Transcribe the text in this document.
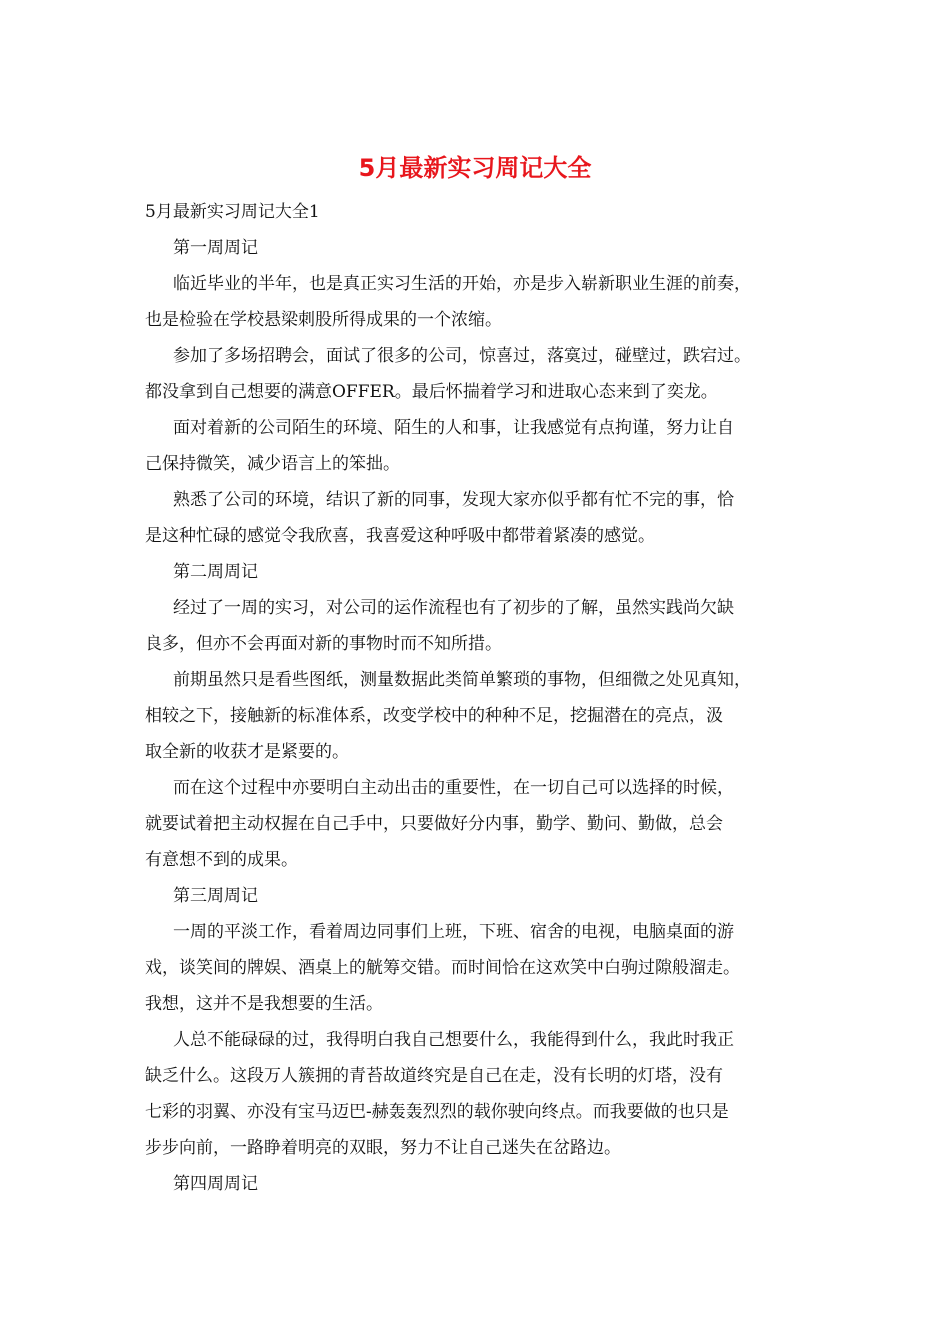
5月最新实习周记大全
5月最新实习周记大全1
第一周周记
临近毕业的半年，也是真正实习生活的开始，亦是步入崭新职业生涯的前奏，
也是检验在学校悬梁刺股所得成果的一个浓缩。
参加了多场招聘会，面试了很多的公司，惊喜过，落寞过，碰壁过，跌宕过。
都没拿到自己想要的满意OFFER。最后怀揣着学习和进取心态来到了奕龙。
面对着新的公司陌生的环境、陌生的人和事，让我感觉有点拘谨，努力让自
己保持微笑，减少语言上的笨拙。
熟悉了公司的环境，结识了新的同事，发现大家亦似乎都有忙不完的事，恰
是这种忙碌的感觉令我欣喜，我喜爱这种呼吸中都带着紧凑的感觉。
第二周周记
经过了一周的实习，对公司的运作流程也有了初步的了解，虽然实践尚欠缺
良多，但亦不会再面对新的事物时而不知所措。
前期虽然只是看些图纸，测量数据此类简单繁琐的事物，但细微之处见真知，
相较之下，接触新的标准体系，改变学校中的种种不足，挖掘潜在的亮点，汲
取全新的收获才是紧要的。
而在这个过程中亦要明白主动出击的重要性，在一切自己可以选择的时候，
就要试着把主动权握在自己手中，只要做好分内事，勤学、勤问、勤做，总会
有意想不到的成果。
第三周周记
一周的平淡工作，看着周边同事们上班，下班、宿舍的电视，电脑桌面的游
戏，谈笑间的牌娱、酒桌上的觥筹交错。而时间恰在这欢笑中白驹过隙般溜走。
我想，这并不是我想要的生活。
人总不能碌碌的过，我得明白我自己想要什么，我能得到什么，我此时我正
缺乏什么。这段万人簇拥的青苔故道终究是自己在走，没有长明的灯塔，没有
七彩的羽翼、亦没有宝马迈巴-赫轰轰烈烈的载你驶向终点。而我要做的也只是
步步向前，一路睁着明亮的双眼，努力不让自己迷失在岔路边。
第四周周记
